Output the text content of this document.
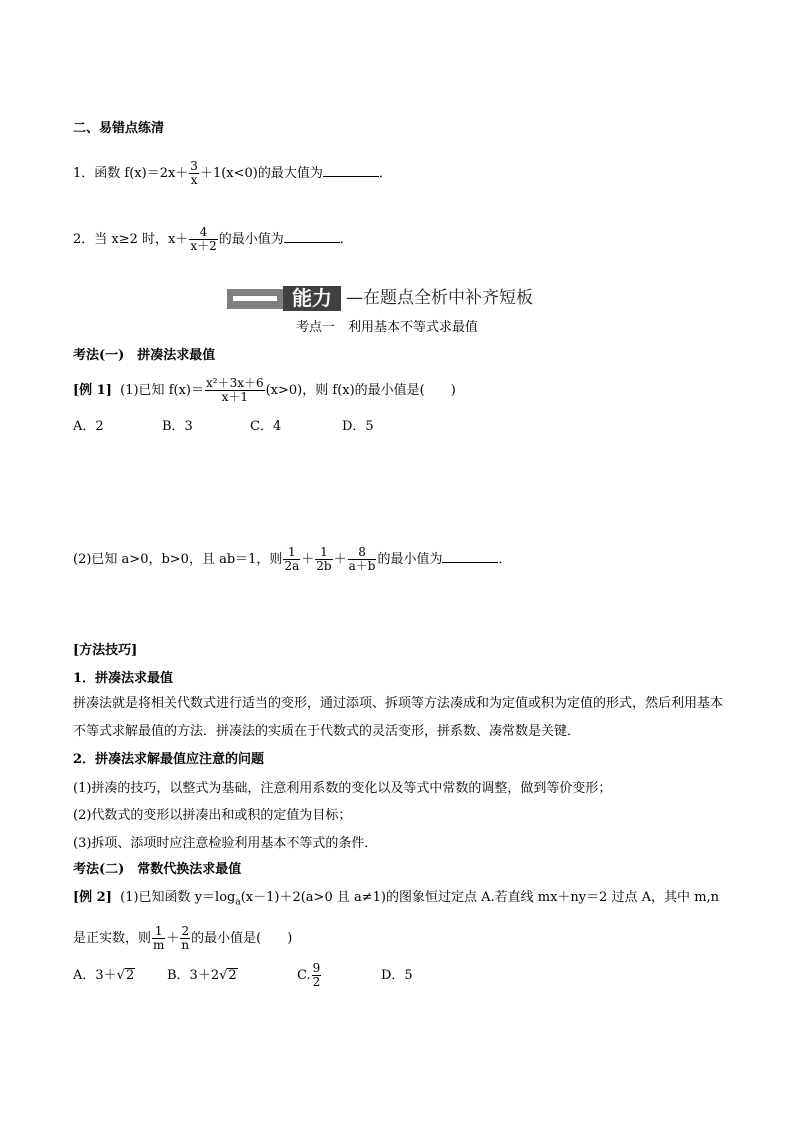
二、易错点练清
1．函数 $f(x)=2x+ \frac{3}{x} +1(x<0)$的最大值为	．
2．当 x≥2 时，$x+ \frac{4}{x+2}$ 的最小值为	．
能力 —在题点全析中补齐短板
考点一　利用基本不等式求最值
考法(一)　拼凑法求最值
[例 1] (1)已知 $f(x)= \frac{\text{x²＋3x＋6}}{x+1} (x>0)$，则 f(x)的最小值是(　　)
A．2	B．3	C．4	D．5
(2)已知 a>0，b>0，且 ab＝1，则 $\frac{1}{2a} + \frac{1}{2b} + \frac{8}{a+b}$ 的最小值为	．
[方法技巧]
1．拼凑法求最值
拼凑法就是将相关代数式进行适当的变形，通过添项、拆项等方法凑成和为定值或积为定值的形式，然后利用基本不等式求解最值的方法．拼凑法的实质在于代数式的灵活变形，拼系数、凑常数是关键．
2．拼凑法求解最值应注意的问题
(1)拼凑的技巧，以整式为基础，注意利用系数的变化以及等式中常数的调整，做到等价变形；
(2)代数式的变形以拼凑出和或积的定值为目标；
(3)拆项、添项时应注意检验利用基本不等式的条件．
考法(二)　常数代换法求最值
[例 2] (1)已知函数 $y=\log_a(x-1)+2(a>0$ 且 a≠1)的图象恒过定点 A.若直线 mx＋ny＝2 过点 A，其中 m,n
是正实数，则 $\frac{1}{m} + \frac{2}{n}$ 的最小值是(　　)
A．3＋√2	B．3＋2√2	C. $\frac{9}{2}$	D．5
